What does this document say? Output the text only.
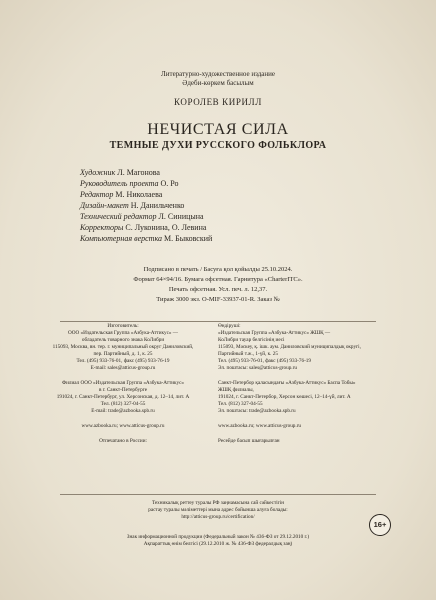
Литературно-художественное издание
Әдеби-көркем басылым
КОРОЛЕВ КИРИЛЛ
НЕЧИСТАЯ СИЛА
ТЕМНЫЕ ДУХИ РУССКОГО ФОЛЬКЛОРА
Художник Л. Магонова
Руководитель проекта О. Ро
Редактор М. Николаева
Дизайн-макет Н. Данильченко
Технический редактор Л. Синицына
Корректоры С. Луконина, О. Левина
Компьютерная верстка М. Быковский
Подписано в печать / Басуға қол қойылды 25.10.2024.
Формат 64×94/16. Бумага офсетная. Гарнитура «CharterITC».
Печать офсетная. Усл. печ. л. 12,37.
Тираж 3000 экз. О-МIF-33937-01-R. Заказ №
Изготовитель:
ООО «Издательская Группа «Азбука-Аттикус» —
обладатель товарного знака КоЛибри
115093, Москва, вн. тер. г. муниципальный округ Даниловский,
пер. Партийный, д. 1, к. 25
Тел. (495) 933-76-01, факс (495) 933-76-19
E-mail: sales@atticus-group.ru
Филиал ООО «Издательская Группа «Азбука-Аттикус»
в г. Санкт-Петербурге
191024, г. Санкт-Петербург, ул. Херсонская, д. 12–14, лит. А
Тел. (812) 327-04-55
E-mail: trade@azbooka.spb.ru
www.azbooka.ru; www.atticus-group.ru
Отпечатано в России:
Өндіруші:
«Издательская Группа «Азбука-Аттикус» ЖШҚ —
КоЛибри тауар белгісінің иесі
115093, Мәскеу, қ. ішк. аум. Даниловский муниципалдық округі,
Партийный т.ж., 1-үй, к. 25
Тел. (495) 933-76-01, факс (495) 933-76-19
Эл. поштасы: sales@atticus-group.ru
Санкт-Петербор қаласындағы «Азбука-Аттикус» Баспа Тобы»
ЖШҚ филиалы,
191024, г. Санкт-Петербор, Херсон көшесі, 12–14-үй, лит. А
Тел. (812) 327-04-55
Эл. поштасы: trade@azbooka.spb.ru
www.azbooka.ru; www.atticus-group.ru
Ресейде басып шығарылған
Техникалық реттеу туралы РФ заңнамасына сай сәйкестігін
растау туралы мәліметтері мына адрес бойынша алуға болады:
http://atticus-group.ru/certification/
16+
Знак информационной продукции (Федеральный закон № 436-ФЗ от 29.12.2010 г.)
Ақпараттық өнім белгісі (29.12.2010 ж. № 436-ФЗ федералдық заң)
